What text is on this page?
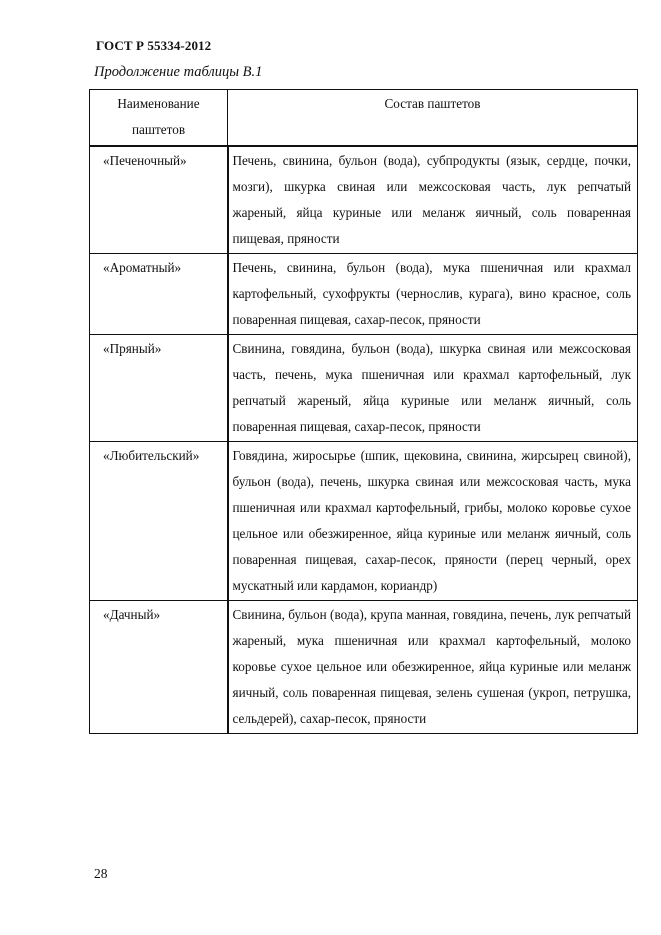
ГОСТ Р 55334-2012
Продолжение таблицы В.1
Наименование паштетов	Состав паштетов
«Печеночный»	Печень, свинина, бульон (вода), субпродукты (язык, сердце, почки, мозги), шкурка свиная или межсосковая часть, лук репчатый жареный, яйца куриные или меланж яичный, соль поваренная пищевая, пряности
«Ароматный»	Печень, свинина, бульон (вода), мука пшеничная или крахмал картофельный, сухофрукты (чернослив, курага), вино красное, соль поваренная пищевая, сахар-песок, пряности
«Пряный»	Свинина, говядина, бульон (вода), шкурка свиная или межсосковая часть, печень, мука пшеничная или крахмал картофельный, лук репчатый жареный, яйца куриные или меланж яичный, соль поваренная пищевая, сахар-песок, пряности
«Любительский»	Говядина, жиросырье (шпик, щековина, свинина, жирсырец свиной), бульон (вода), печень, шкурка свиная или межсосковая часть, мука пшеничная или крахмал картофельный, грибы, молоко коровье сухое цельное или обезжиренное, яйца куриные или меланж яичный, соль поваренная пищевая, сахар-песок, пряности (перец черный, орех мускатный или кардамон, кориандр)
«Дачный»	Свинина, бульон (вода), крупа манная, говядина, печень, лук репчатый жареный, мука пшеничная или крахмал картофельный, молоко коровье сухое цельное или обезжиренное, яйца куриные или меланж яичный, соль поваренная пищевая, зелень сушеная (укроп, петрушка, сельдерей), сахар-песок, пряности
28
